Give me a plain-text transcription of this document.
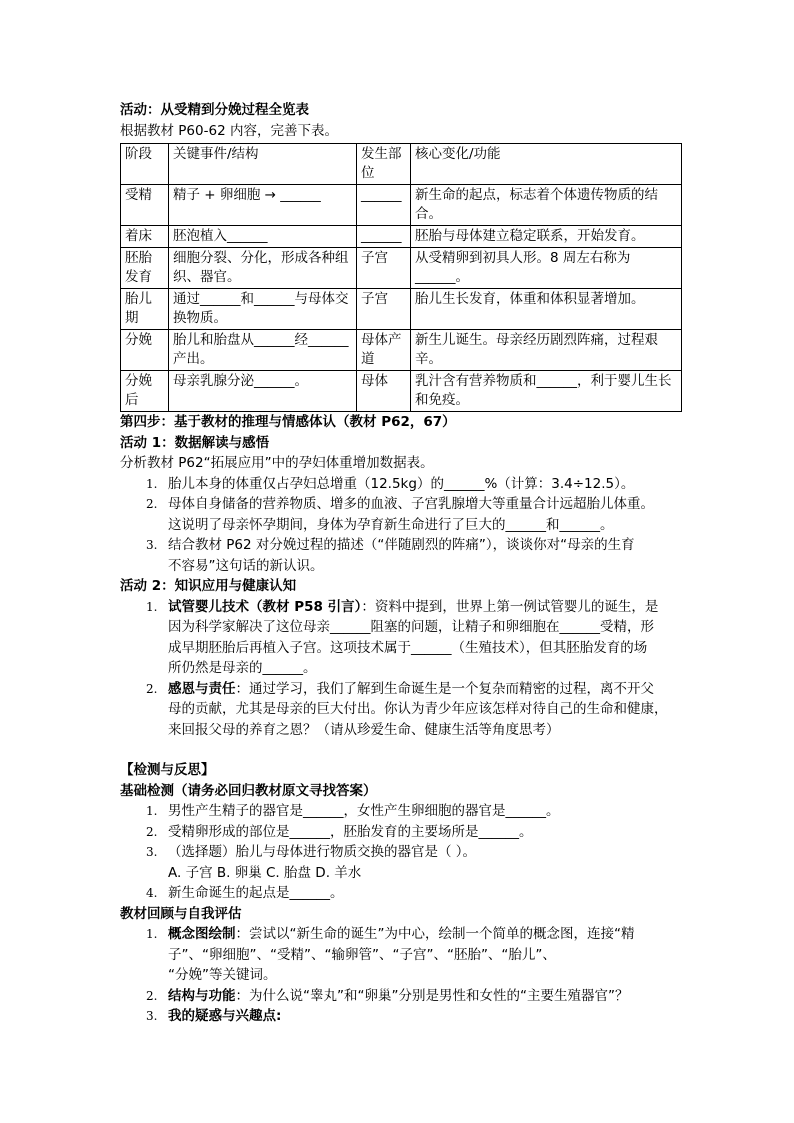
活动：从受精到分娩过程全览表
根据教材 P60-62 内容，完善下表。
阶段	关键事件/结构	发生部位	核心变化/功能
受精	精子 + 卵细胞 → ______	______	新生命的起点，标志着个体遗传物质的结合。
着床	胚泡植入______	______	胚胎与母体建立稳定联系，开始发育。
胚胎发育	细胞分裂、分化，形成各种组织、器官。	子宫	从受精卵到初具人形。8 周左右称为______。
胎儿期	通过______和______与母体交换物质。	子宫	胎儿生长发育，体重和体积显著增加。
分娩	胎儿和胎盘从______经______产出。	母体产道	新生儿诞生。母亲经历剧烈阵痛，过程艰辛。
分娩后	母亲乳腺分泌______。	母体	乳汁含有营养物质和______，利于婴儿生长和免疫。
第四步：基于教材的推理与情感体认（教材 P62，67）
活动 1：数据解读与感悟
分析教材 P62“拓展应用”中的孕妇体重增加数据表。
1. 胎儿本身的体重仅占孕妇总增重（12.5kg）的______%（计算：3.4÷12.5）。
2. 母体自身储备的营养物质、增多的血液、子宫乳腺增大等重量合计远超胎儿体重。
这说明了母亲怀孕期间，身体为孕育新生命进行了巨大的______和______。
3. 结合教材 P62 对分娩过程的描述（“伴随剧烈的阵痛”），谈谈你对“母亲的生育
不容易”这句话的新认识。
活动 2：知识应用与健康认知
1. 试管婴儿技术（教材 P58 引言）：资料中提到，世界上第一例试管婴儿的诞生，是
因为科学家解决了这位母亲______阻塞的问题，让精子和卵细胞在______受精，形
成早期胚胎后再植入子宫。这项技术属于______（生殖技术），但其胚胎发育的场
所仍然是母亲的______。
2. 感恩与责任：通过学习，我们了解到生命诞生是一个复杂而精密的过程，离不开父
母的贡献，尤其是母亲的巨大付出。你认为青少年应该怎样对待自己的生命和健康，
来回报父母的养育之恩？（请从珍爱生命、健康生活等角度思考）
【检测与反思】
基础检测（请务必回归教材原文寻找答案）
1. 男性产生精子的器官是______，女性产生卵细胞的器官是______。
2. 受精卵形成的部位是______，胚胎发育的主要场所是______。
3. （选择题）胎儿与母体进行物质交换的器官是（ ）。
A. 子宫 B. 卵巢 C. 胎盘 D. 羊水
4. 新生命诞生的起点是______。
教材回顾与自我评估
1. 概念图绘制：尝试以“新生命的诞生”为中心，绘制一个简单的概念图，连接“精
子”、“卵细胞”、“受精”、“输卵管”、“子宫”、“胚胎”、“胎儿”、
“分娩”等关键词。
2. 结构与功能：为什么说“睾丸”和“卵巢”分别是男性和女性的“主要生殖器官”？
3. 我的疑惑与兴趣点:
